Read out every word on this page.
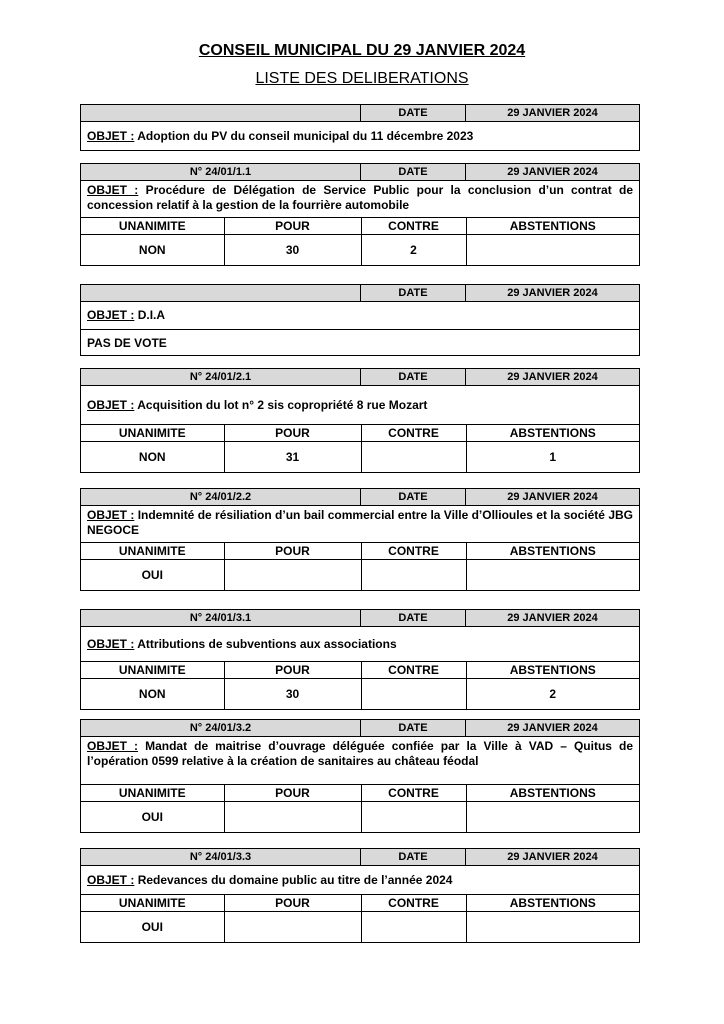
CONSEIL MUNICIPAL DU 29 JANVIER 2024
LISTE DES DELIBERATIONS
DATE	29 JANVIER 2024
OBJET : Adoption du PV du conseil municipal du 11 décembre 2023
N° 24/01/1.1	DATE	29 JANVIER 2024
OBJET : Procédure de Délégation de Service Public pour la conclusion d’un contrat de concession relatif à la gestion de la fourrière automobile
UNANIMITE	POUR	CONTRE	ABSTENTIONS
NON	30	2	
DATE	29 JANVIER 2024
OBJET : D.I.A
PAS DE VOTE
N° 24/01/2.1	DATE	29 JANVIER 2024
OBJET : Acquisition du lot n° 2 sis copropriété 8 rue Mozart
UNANIMITE	POUR	CONTRE	ABSTENTIONS
NON	31		1
N° 24/01/2.2	DATE	29 JANVIER 2024
OBJET : Indemnité de résiliation d’un bail commercial entre la Ville d’Ollioules et la société JBG NEGOCE
UNANIMITE	POUR	CONTRE	ABSTENTIONS
OUI			
N° 24/01/3.1	DATE	29 JANVIER 2024
OBJET : Attributions de subventions aux associations
UNANIMITE	POUR	CONTRE	ABSTENTIONS
NON	30		2
N° 24/01/3.2	DATE	29 JANVIER 2024
OBJET : Mandat de maitrise d’ouvrage déléguée confiée par la Ville à VAD – Quitus de l’opération 0599 relative à la création de sanitaires au château féodal
UNANIMITE	POUR	CONTRE	ABSTENTIONS
OUI			
N° 24/01/3.3	DATE	29 JANVIER 2024
OBJET : Redevances du domaine public au titre de l’année 2024
UNANIMITE	POUR	CONTRE	ABSTENTIONS
OUI			
